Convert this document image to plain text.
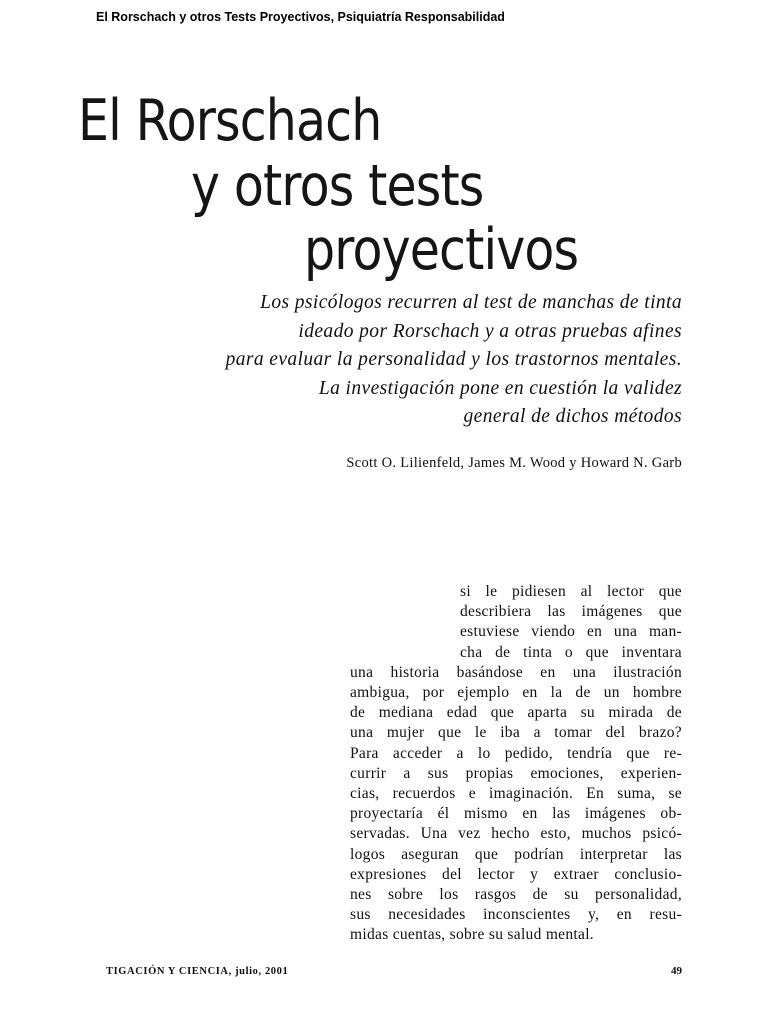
El Rorschach y otros Tests Proyectivos, Psiquiatría Responsabilidad
El Rorschach
y otros tests
proyectivos
Los psicólogos recurren al test de manchas de tinta
ideado por Rorschach y a otras pruebas afines
para evaluar la personalidad y los trastornos mentales.
La investigación pone en cuestión la validez
general de dichos métodos
Scott O. Lilienfeld, James M. Wood y Howard N. Garb
si le pidiesen al lector que
describiera las imágenes que
estuviese viendo en una man-
cha de tinta o que inventara
una historia basándose en una ilustración
ambigua, por ejemplo en la de un hombre
de mediana edad que aparta su mirada de
una mujer que le iba a tomar del brazo?
Para acceder a lo pedido, tendría que re-
currir a sus propias emociones, experien-
cias, recuerdos e imaginación. En suma, se
proyectaría él mismo en las imágenes ob-
servadas. Una vez hecho esto, muchos psicó-
logos aseguran que podrían interpretar las
expresiones del lector y extraer conclusio-
nes sobre los rasgos de su personalidad,
sus necesidades inconscientes y, en resu-
midas cuentas, sobre su salud mental.
TIGACIÓN Y CIENCIA, julio, 2001	49
